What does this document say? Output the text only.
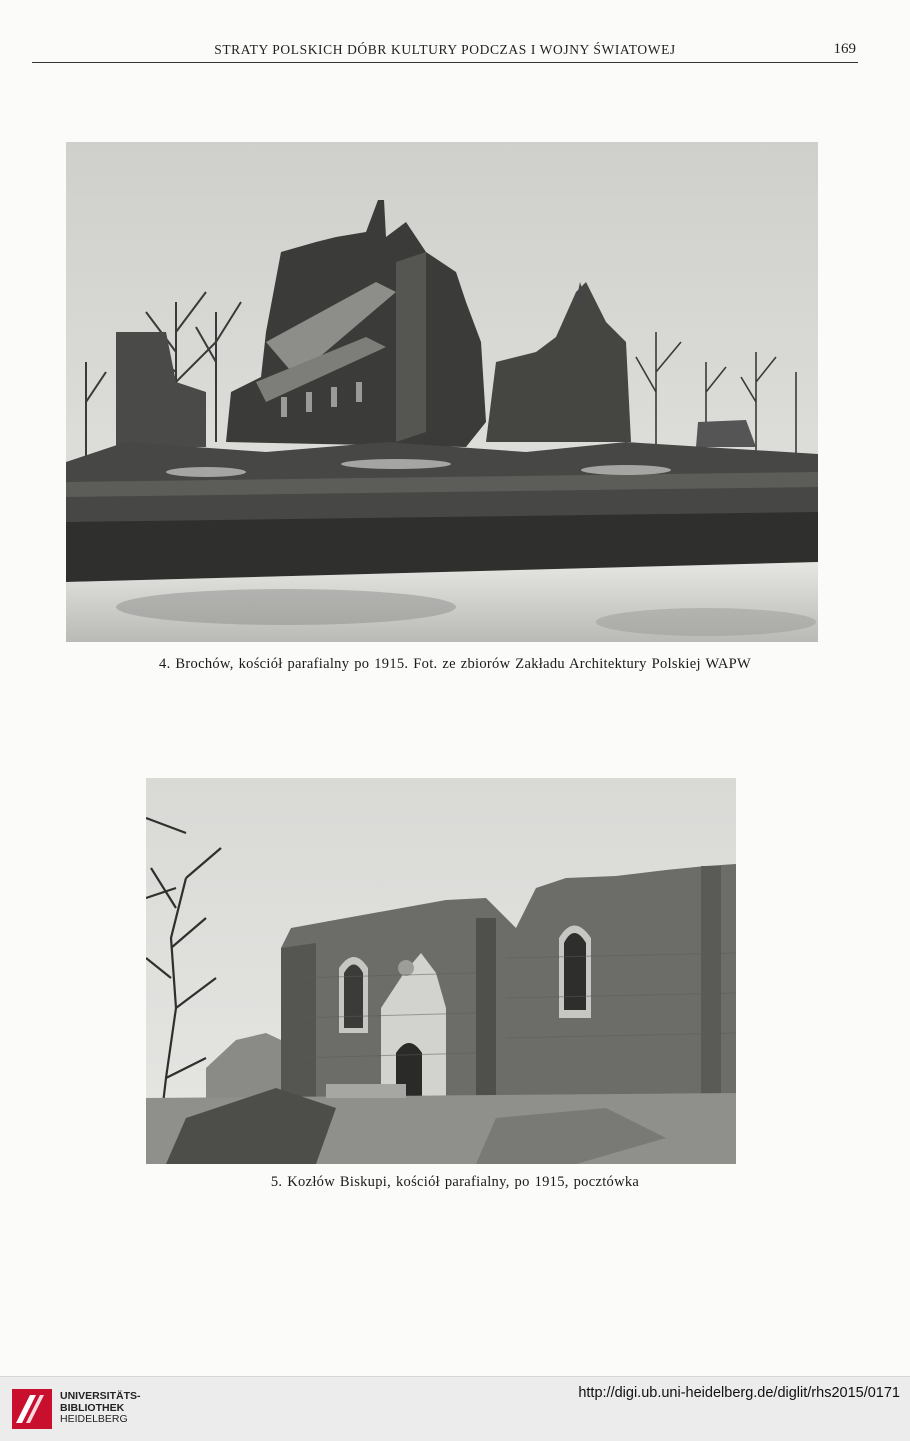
STRATY POLSKICH DÓBR KULTURY PODCZAS I WOJNY ŚWIATOWEJ	169
4. Brochów, kościół parafialny po 1915. Fot. ze zbiorów Zakładu Architektury Polskiej WAPW
5. Kozłów Biskupi, kościół parafialny, po 1915, pocztówka
UNIVERSITÄTS-
BIBLIOTHEK
HEIDELBERG
http://digi.ub.uni-heidelberg.de/diglit/rhs2015/0171
